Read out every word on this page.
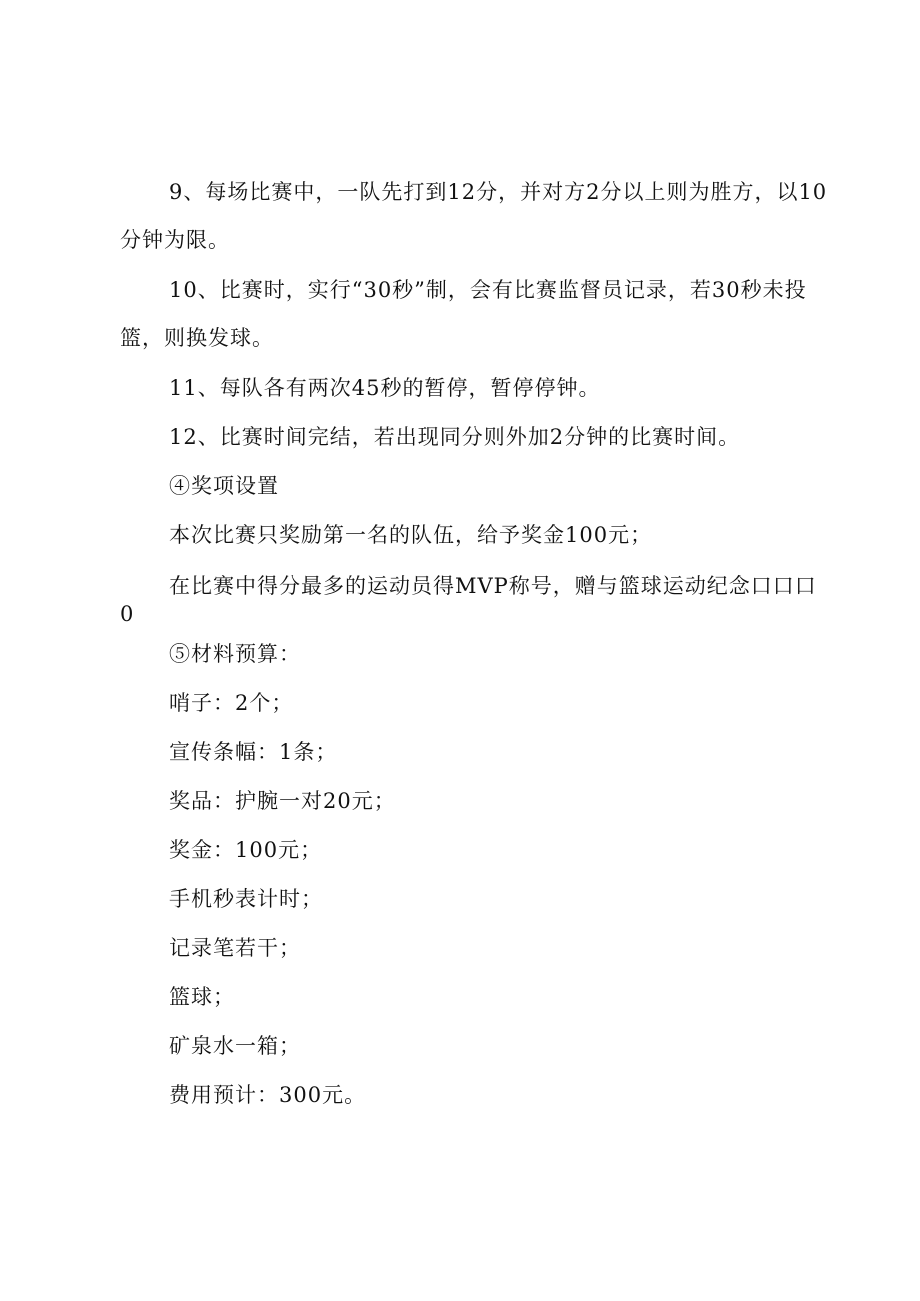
9、每场比赛中，一队先打到12分，并对方2分以上则为胜方，以10分钟为限。
10、比赛时，实行“30秒”制，会有比赛监督员记录，若30秒未投篮，则换发球。
11、每队各有两次45秒的暂停，暂停停钟。
12、比赛时间完结，若出现同分则外加2分钟的比赛时间。
④奖项设置
本次比赛只奖励第一名的队伍，给予奖金100元；
在比赛中得分最多的运动员得MVP称号，赠与篮球运动纪念口口口0
⑤材料预算：
哨子：2个；
宣传条幅：1条；
奖品：护腕一对20元；
奖金：100元；
手机秒表计时；
记录笔若干；
篮球；
矿泉水一箱；
费用预计：300元。
